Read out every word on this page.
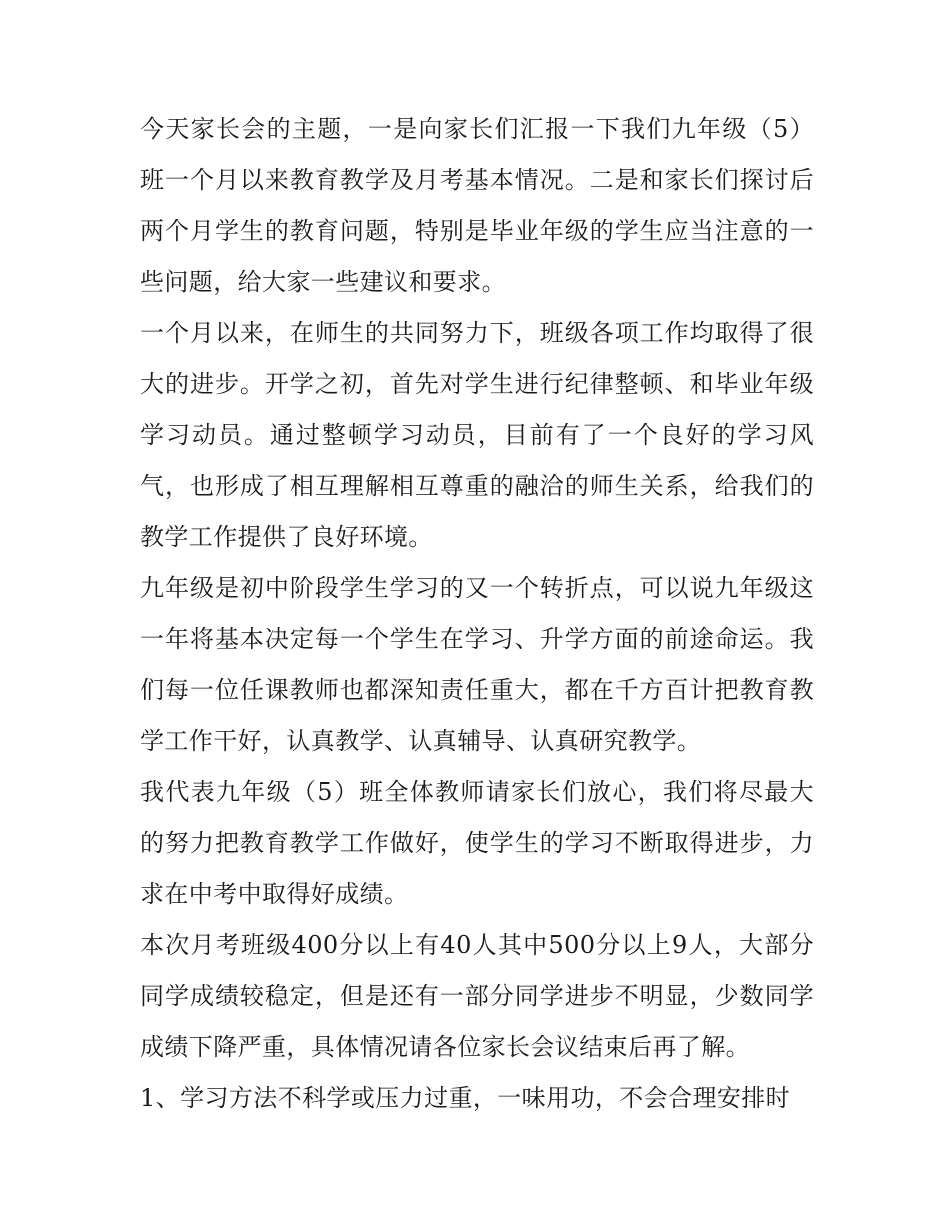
今天家长会的主题，一是向家长们汇报一下我们九年级（5）班一个月以来教育教学及月考基本情况。二是和家长们探讨后两个月学生的教育问题，特别是毕业年级的学生应当注意的一些问题，给大家一些建议和要求。

一个月以来，在师生的共同努力下，班级各项工作均取得了很大的进步。开学之初，首先对学生进行纪律整顿、和毕业年级学习动员。通过整顿学习动员，目前有了一个良好的学习风气，也形成了相互理解相互尊重的融洽的师生关系，给我们的教学工作提供了良好环境。

九年级是初中阶段学生学习的又一个转折点，可以说九年级这一年将基本决定每一个学生在学习、升学方面的前途命运。我们每一位任课教师也都深知责任重大，都在千方百计把教育教学工作干好，认真教学、认真辅导、认真研究教学。

我代表九年级（5）班全体教师请家长们放心，我们将尽最大的努力把教育教学工作做好，使学生的学习不断取得进步，力求在中考中取得好成绩。

本次月考班级400分以上有40人其中500分以上9人，大部分同学成绩较稳定，但是还有一部分同学进步不明显，少数同学成绩下降严重，具体情况请各位家长会议结束后再了解。

1、学习方法不科学或压力过重，一味用功，不会合理安排时
